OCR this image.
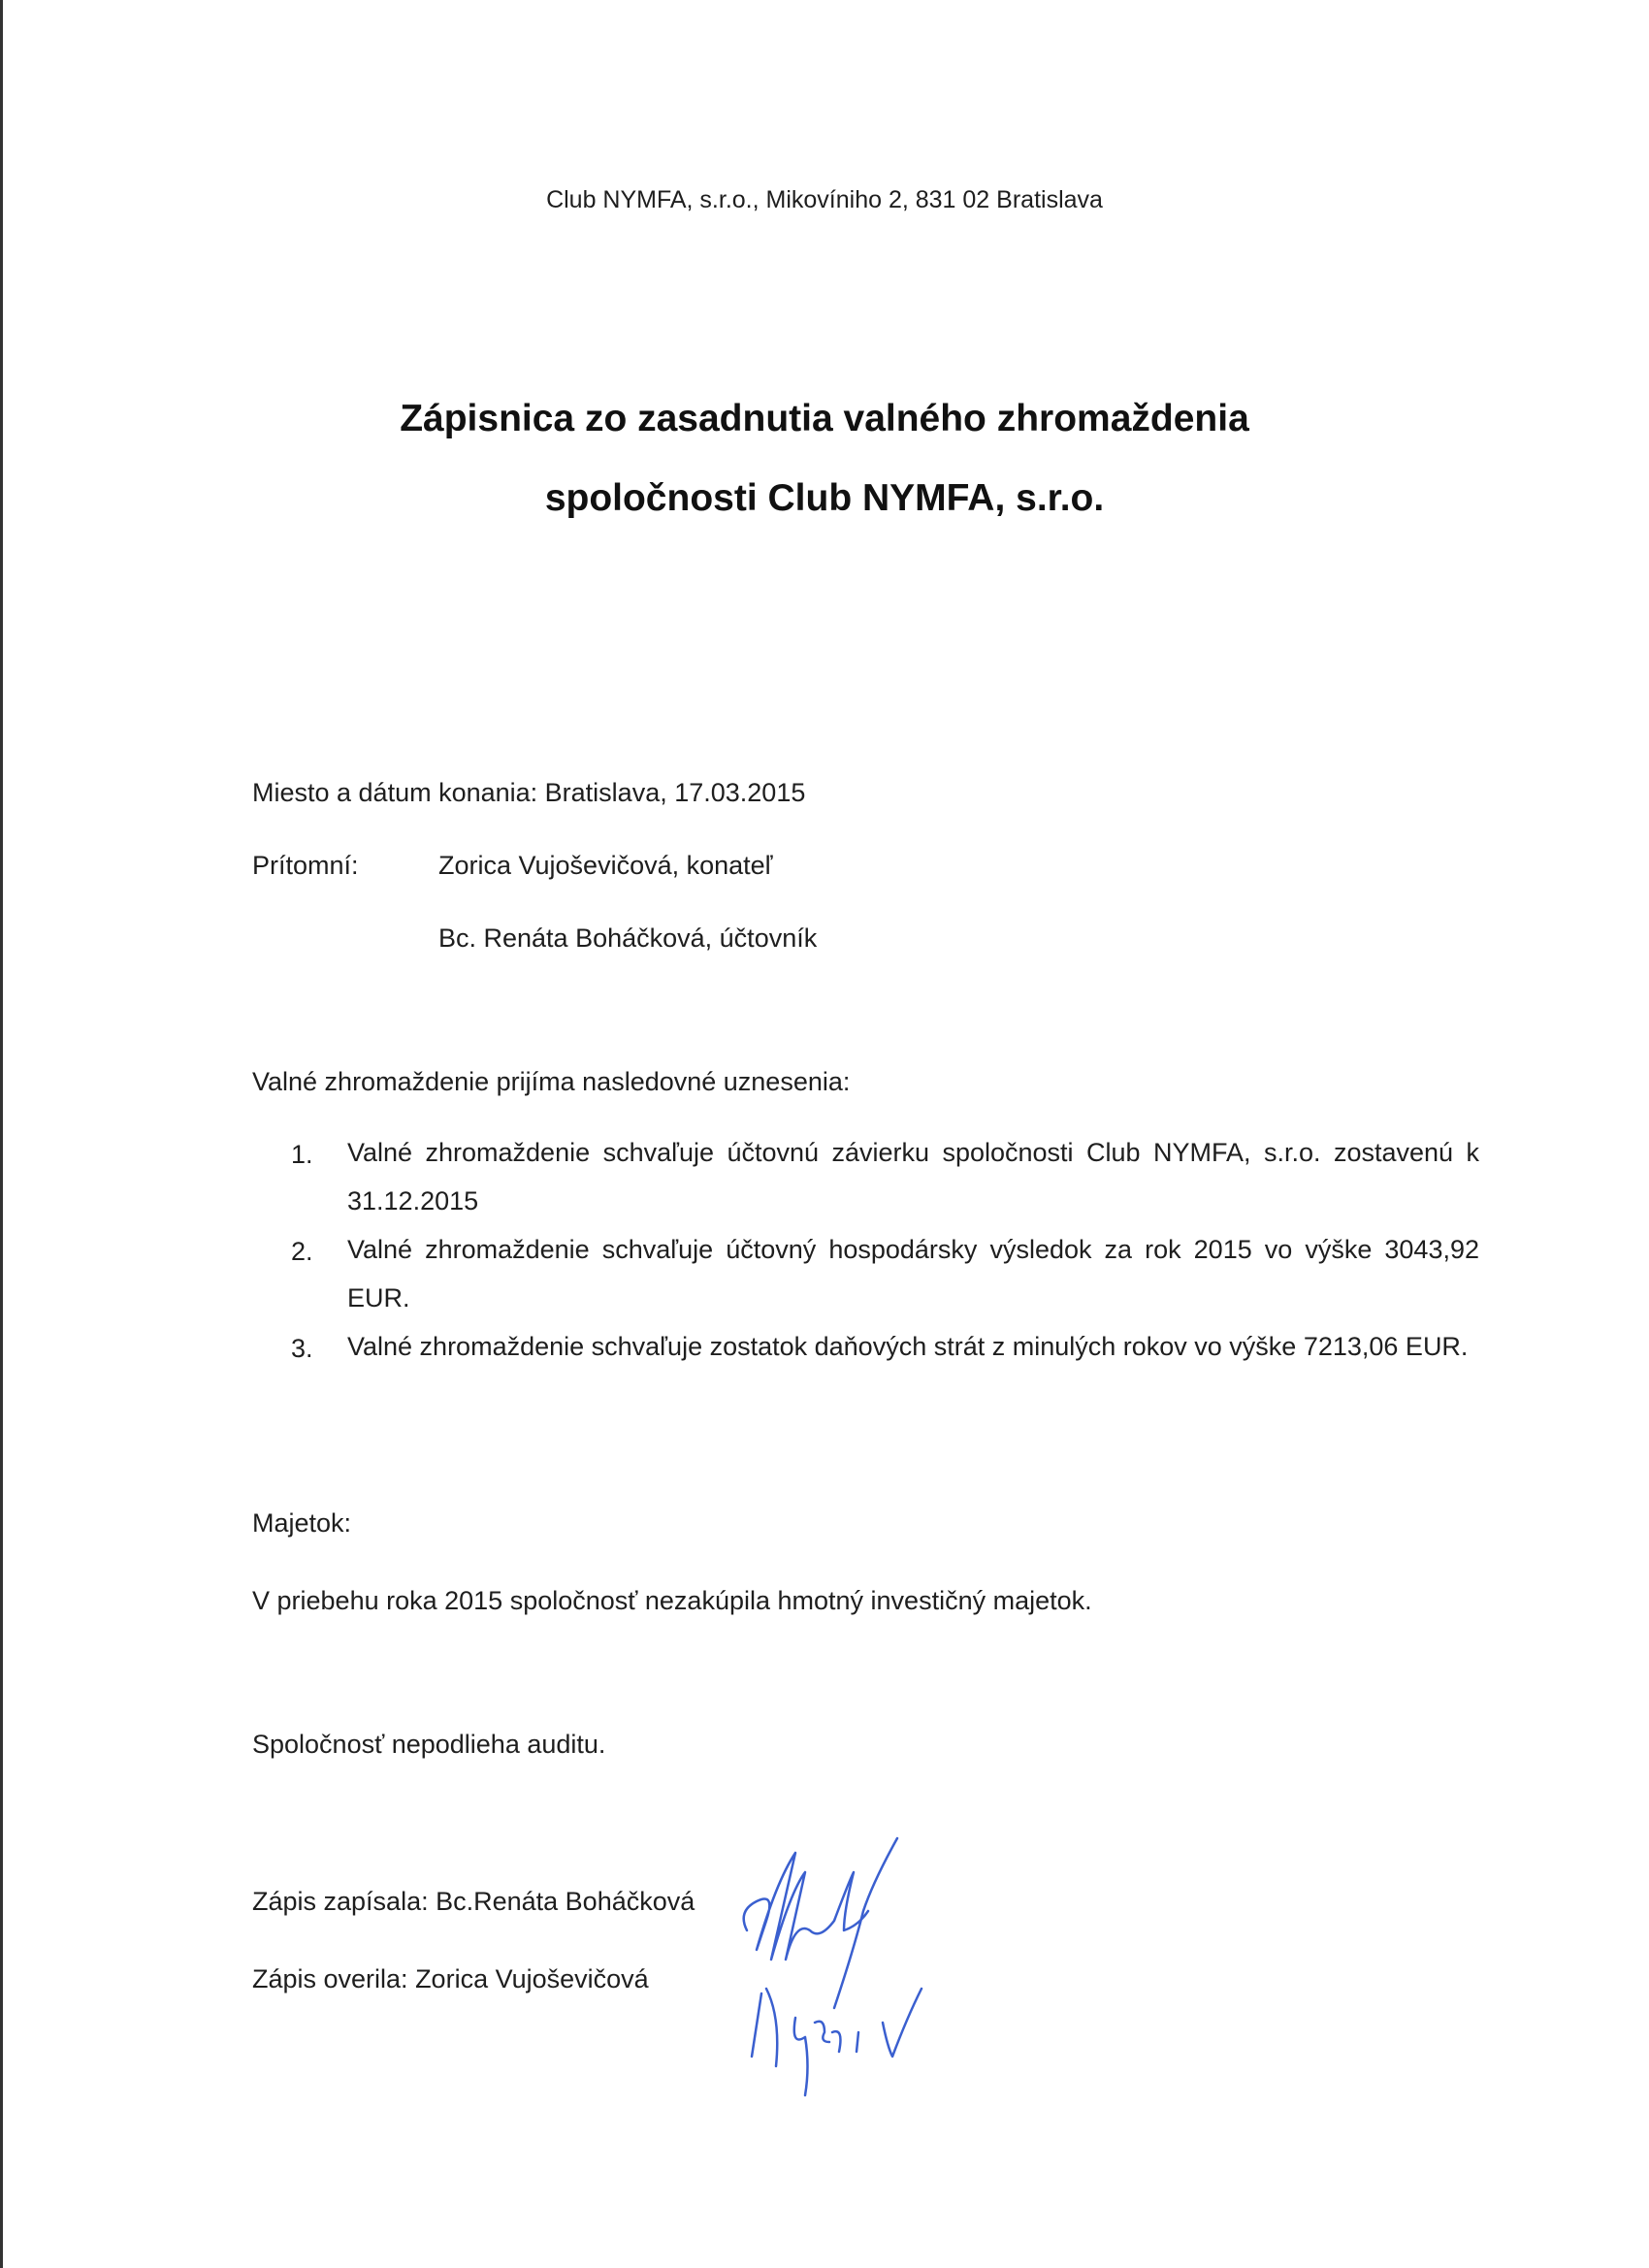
Club NYMFA, s.r.o., Mikovíniho 2, 831 02 Bratislava
Zápisnica zo zasadnutia valného zhromaždenia
spoločnosti Club NYMFA, s.r.o.
Miesto a dátum konania: Bratislava, 17.03.2015
Prítomní:	Zorica Vujoševičová, konateľ
Bc. Renáta Boháčková, účtovník
Valné zhromaždenie prijíma nasledovné uznesenia:
1. Valné zhromaždenie schvaľuje účtovnú závierku spoločnosti Club NYMFA, s.r.o. zostavenú k 31.12.2015
2. Valné zhromaždenie schvaľuje účtovný hospodársky výsledok za rok 2015 vo výške 3043,92 EUR.
3. Valné zhromaždenie schvaľuje zostatok daňových strát z minulých rokov vo výške 7213,06 EUR.
Majetok:
V priebehu roka 2015 spoločnosť nezakúpila hmotný investičný majetok.
Spoločnosť nepodlieha auditu.
Zápis zapísala: Bc.Renáta Boháčková
Zápis overila: Zorica Vujoševičová
